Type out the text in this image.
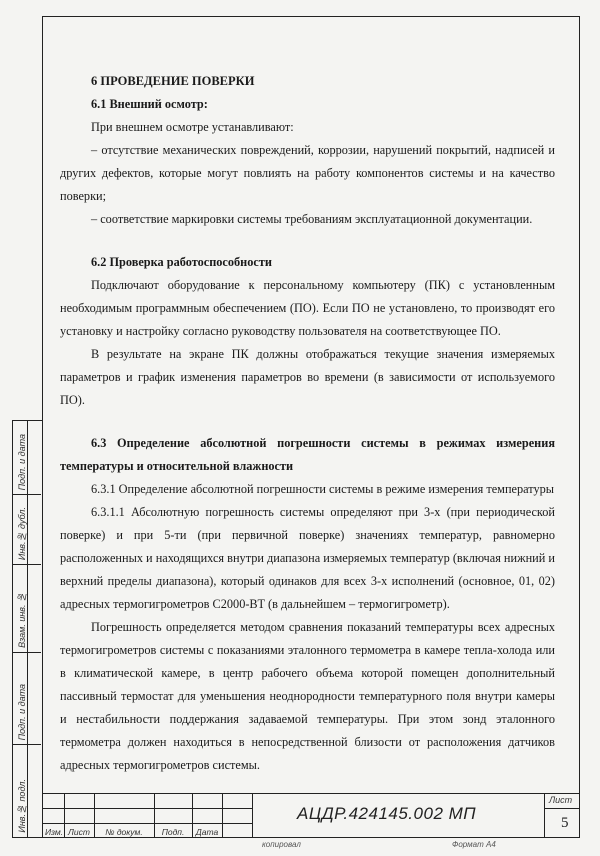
Подп. и дата
Инв.№ дубл.
Взам. инв. №
Подп. и дата
Инв.№ подл.
6 ПРОВЕДЕНИЕ ПОВЕРКИ
6.1 Внешний осмотр:

При внешнем осмотре устанавливают:

– отсутствие механических повреждений, коррозии, нарушений покрытий, надписей и других дефектов, которые могут повлиять на работу компонентов системы и на качество поверки;

– соответствие маркировки системы требованиям эксплуатационной документации.

6.2 Проверка работоспособности

Подключают оборудование к персональному компьютеру (ПК) с установленным необходимым программным обеспечением (ПО). Если ПО не установлено, то производят его установку и настройку согласно руководству пользователя на соответствующее ПО.

В результате на экране ПК должны отображаться текущие значения измеряемых параметров и график изменения параметров во времени (в зависимости от используемого ПО).

6.3 Определение абсолютной погрешности системы в режимах измерения температуры и относительной влажности

6.3.1 Определение абсолютной погрешности системы в режиме измерения температуры

6.3.1.1 Абсолютную погрешность системы определяют при 3-х (при периодической поверке) и при 5-ти (при первичной поверке) значениях температур, равномерно расположенных и находящихся внутри диапазона измеряемых температур (включая нижний и верхний пределы диапазона), который одинаков для всех 3-х исполнений (основное, 01, 02) адресных термогигрометров С2000-ВТ (в дальнейшем – термогигрометр).

Погрешность определяется методом сравнения показаний температуры всех адресных термогигрометров системы с показаниями эталонного термометра в камере тепла-холода или в климатической камере, в центр рабочего объема которой помещен дополнительный пассивный термостат для уменьшения неоднородности температурного поля внутри камеры и нестабильности поддержания задаваемой температуры. При этом зонд эталонного термометра должен находиться в непосредственной близости от расположения датчиков адресных термогигрометров системы.

Изм. Лист	№ докум.	Подп.	Дата
АЦДР.424145.002 МП
Лист
5
копировал	Формат А4
